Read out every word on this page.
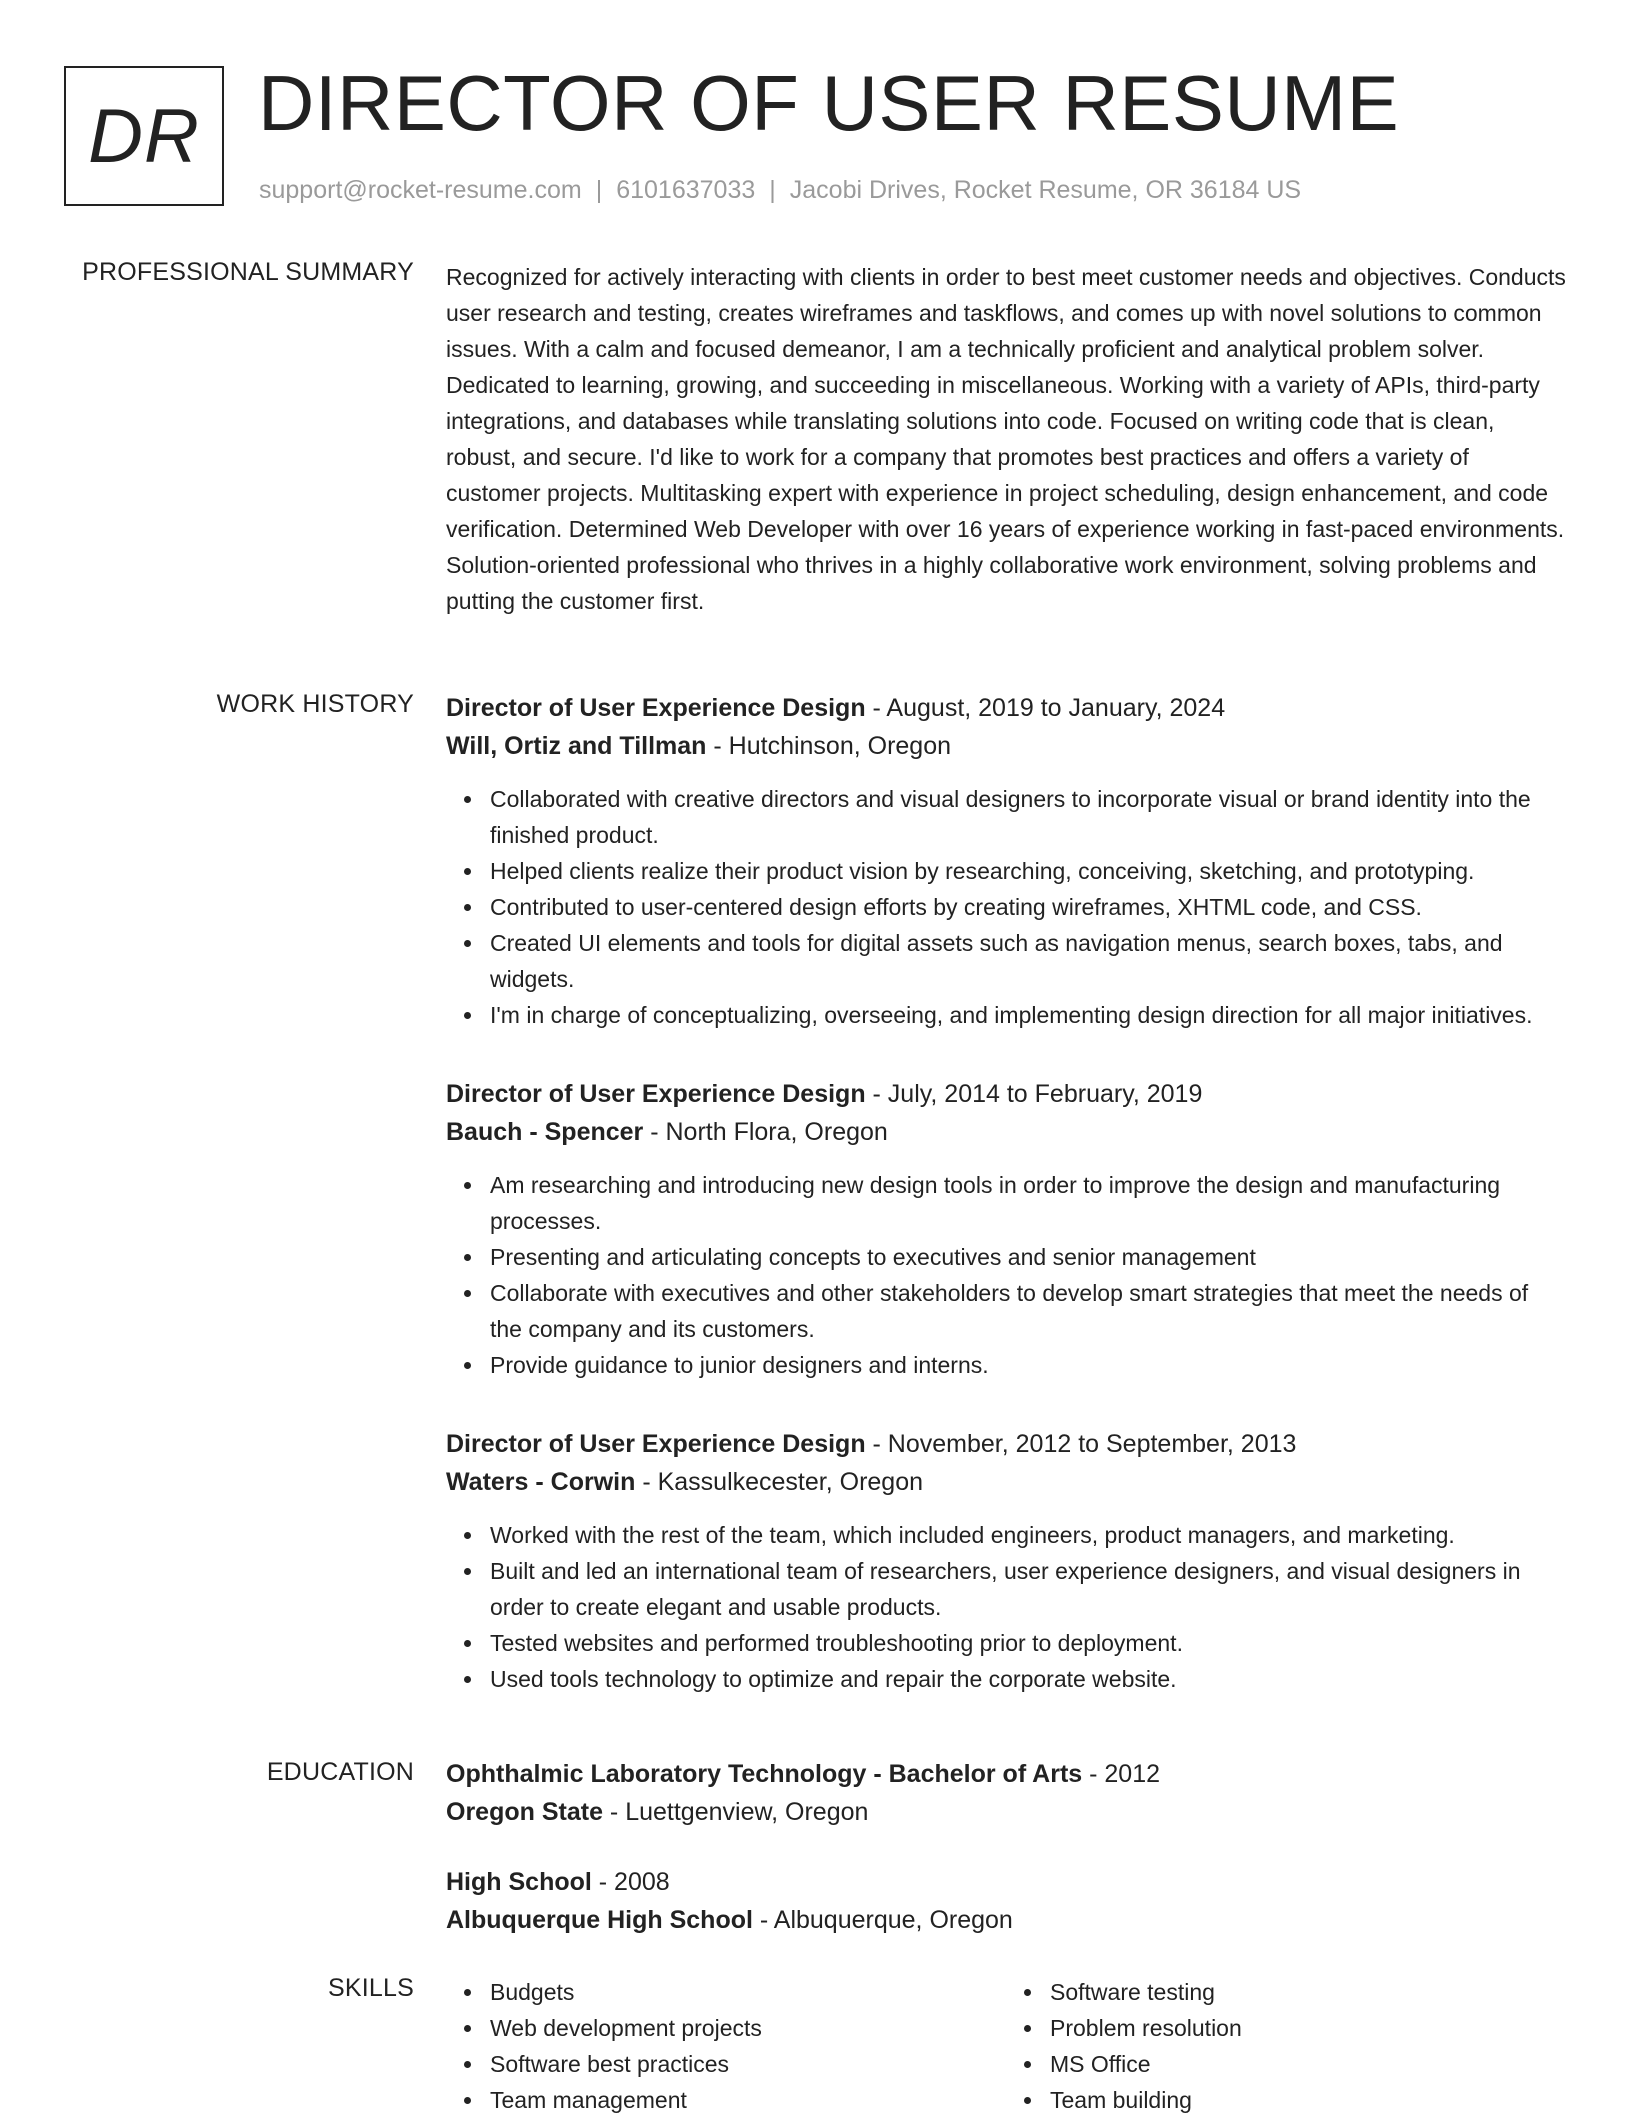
DR DIRECTOR OF USER RESUME
support@rocket-resume.com | 6101637033 | Jacobi Drives, Rocket Resume, OR 36184 US
PROFESSIONAL SUMMARY Recognized for actively interacting with clients in order to best meet customer needs and objectives. Conducts user research and testing, creates wireframes and taskflows, and comes up with novel solutions to common issues. With a calm and focused demeanor, I am a technically proficient and analytical problem solver. Dedicated to learning, growing, and succeeding in miscellaneous. Working with a variety of APIs, third-party integrations, and databases while translating solutions into code. Focused on writing code that is clean, robust, and secure. I'd like to work for a company that promotes best practices and offers a variety of customer projects. Multitasking expert with experience in project scheduling, design enhancement, and code verification. Determined Web Developer with over 16 years of experience working in fast-paced environments. Solution-oriented professional who thrives in a highly collaborative work environment, solving problems and putting the customer first.

WORK HISTORY Director of User Experience Design - August, 2019 to January, 2024
Will, Ortiz and Tillman - Hutchinson, Oregon
Collaborated with creative directors and visual designers to incorporate visual or brand identity into the finished product.
Helped clients realize their product vision by researching, conceiving, sketching, and prototyping.
Contributed to user-centered design efforts by creating wireframes, XHTML code, and CSS.
Created UI elements and tools for digital assets such as navigation menus, search boxes, tabs, and widgets.
I'm in charge of conceptualizing, overseeing, and implementing design direction for all major initiatives.
Director of User Experience Design - July, 2014 to February, 2019
Bauch - Spencer - North Flora, Oregon
Am researching and introducing new design tools in order to improve the design and manufacturing processes.
Presenting and articulating concepts to executives and senior management
Collaborate with executives and other stakeholders to develop smart strategies that meet the needs of the company and its customers.
Provide guidance to junior designers and interns.
Director of User Experience Design - November, 2012 to September, 2013
Waters - Corwin - Kassulkecester, Oregon
Worked with the rest of the team, which included engineers, product managers, and marketing.
Built and led an international team of researchers, user experience designers, and visual designers in order to create elegant and usable products.
Tested websites and performed troubleshooting prior to deployment.
Used tools technology to optimize and repair the corporate website.
EDUCATION Ophthalmic Laboratory Technology - Bachelor of Arts - 2012
Oregon State - Luettgenview, Oregon
High School - 2008
Albuquerque High School - Albuquerque, Oregon
SKILLS	Budgets
Web development projects
Software best practices
Team management
Software testing
Problem resolution
MS Office
Team building
